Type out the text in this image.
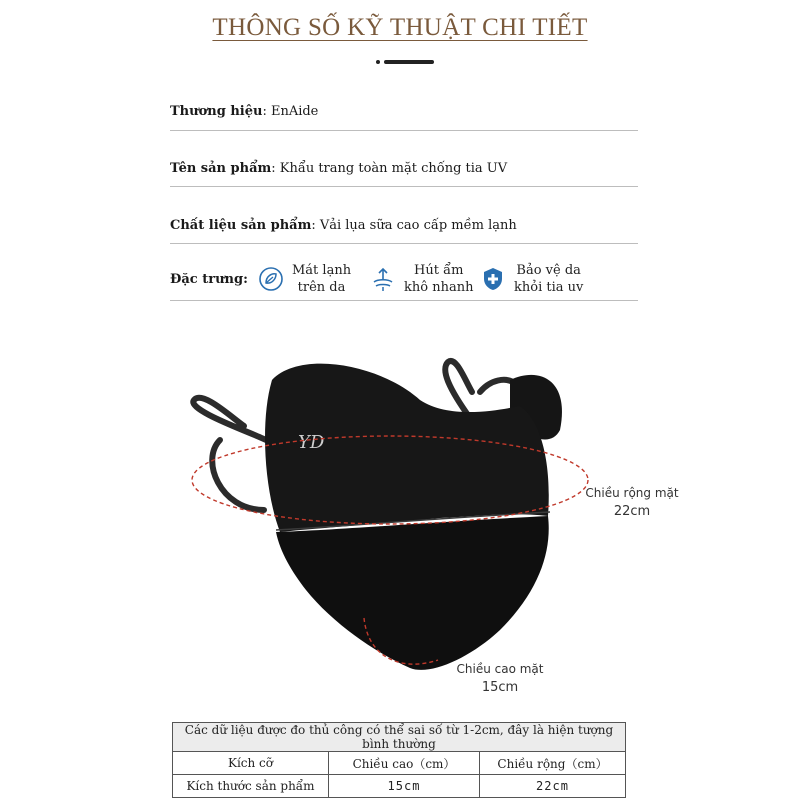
THÔNG SỐ KỸ THUẬT CHI TIẾT
Thương hiệu: EnAide
Tên sản phẩm: Khẩu trang toàn mặt chống tia UV
Chất liệu sản phẩm: Vải lụa sữa cao cấp mềm lạnh
Đặc trưng:
Mát lạnh
trên da
Hút ẩm
khô nhanh
Bảo vệ da
khỏi tia uv
YD
Chiều rộng mặt
22cm
Chiều cao mặt
15cm
Các dữ liệu được đo thủ công có thể sai số từ 1-2cm, đây là hiện tượng bình thường		
Kích cỡ	Chiều cao（cm）	Chiều rộng（cm）
Kích thước sản phẩm	15cm	22cm
